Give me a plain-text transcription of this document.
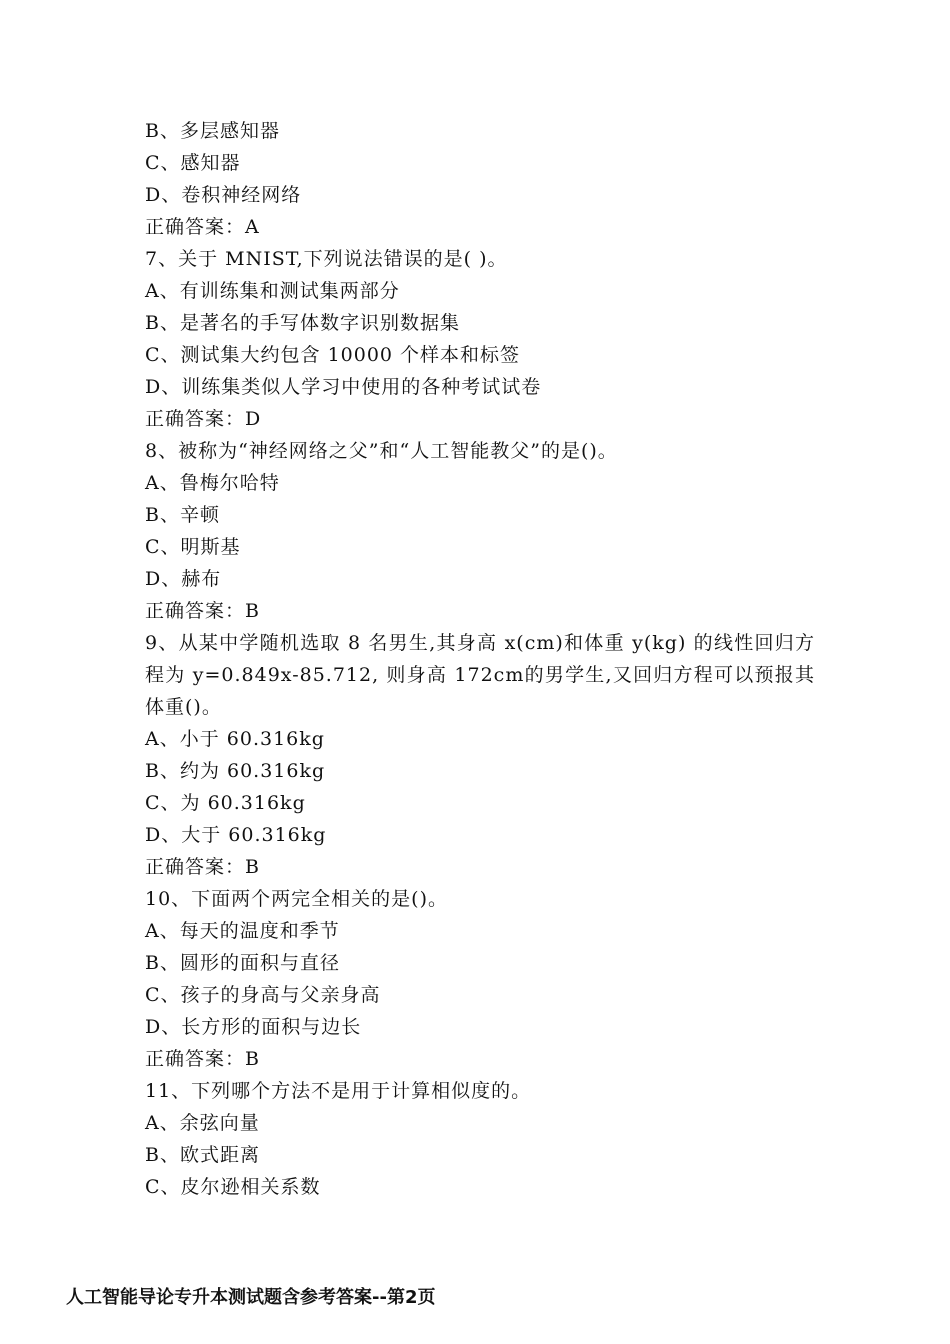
B、多层感知器
C、感知器
D、卷积神经网络
正确答案：A
7、关于 MNIST,下列说法错误的是( )。
A、有训练集和测试集两部分
B、是著名的手写体数字识别数据集
C、测试集大约包含 10000 个样本和标签
D、训练集类似人学习中使用的各种考试试卷
正确答案：D
8、被称为“神经网络之父”和“人工智能教父”的是()。
A、鲁梅尔哈特
B、辛顿
C、明斯基
D、赫布
正确答案：B
9、从某中学随机选取 8 名男生,其身高 x(cm)和体重 y(kg) 的线性回归方程为 y=0.849x-85.712, 则身高 172cm的男学生,又回归方程可以预报其体重()。
A、小于 60.316kg
B、约为 60.316kg
C、为 60.316kg
D、大于 60.316kg
正确答案：B
10、下面两个两完全相关的是()。
A、每天的温度和季节
B、圆形的面积与直径
C、孩子的身高与父亲身高
D、长方形的面积与边长
正确答案：B
11、下列哪个方法不是用于计算相似度的。
A、余弦向量
B、欧式距离
C、皮尔逊相关系数
人工智能导论专升本测试题含参考答案--第2页
